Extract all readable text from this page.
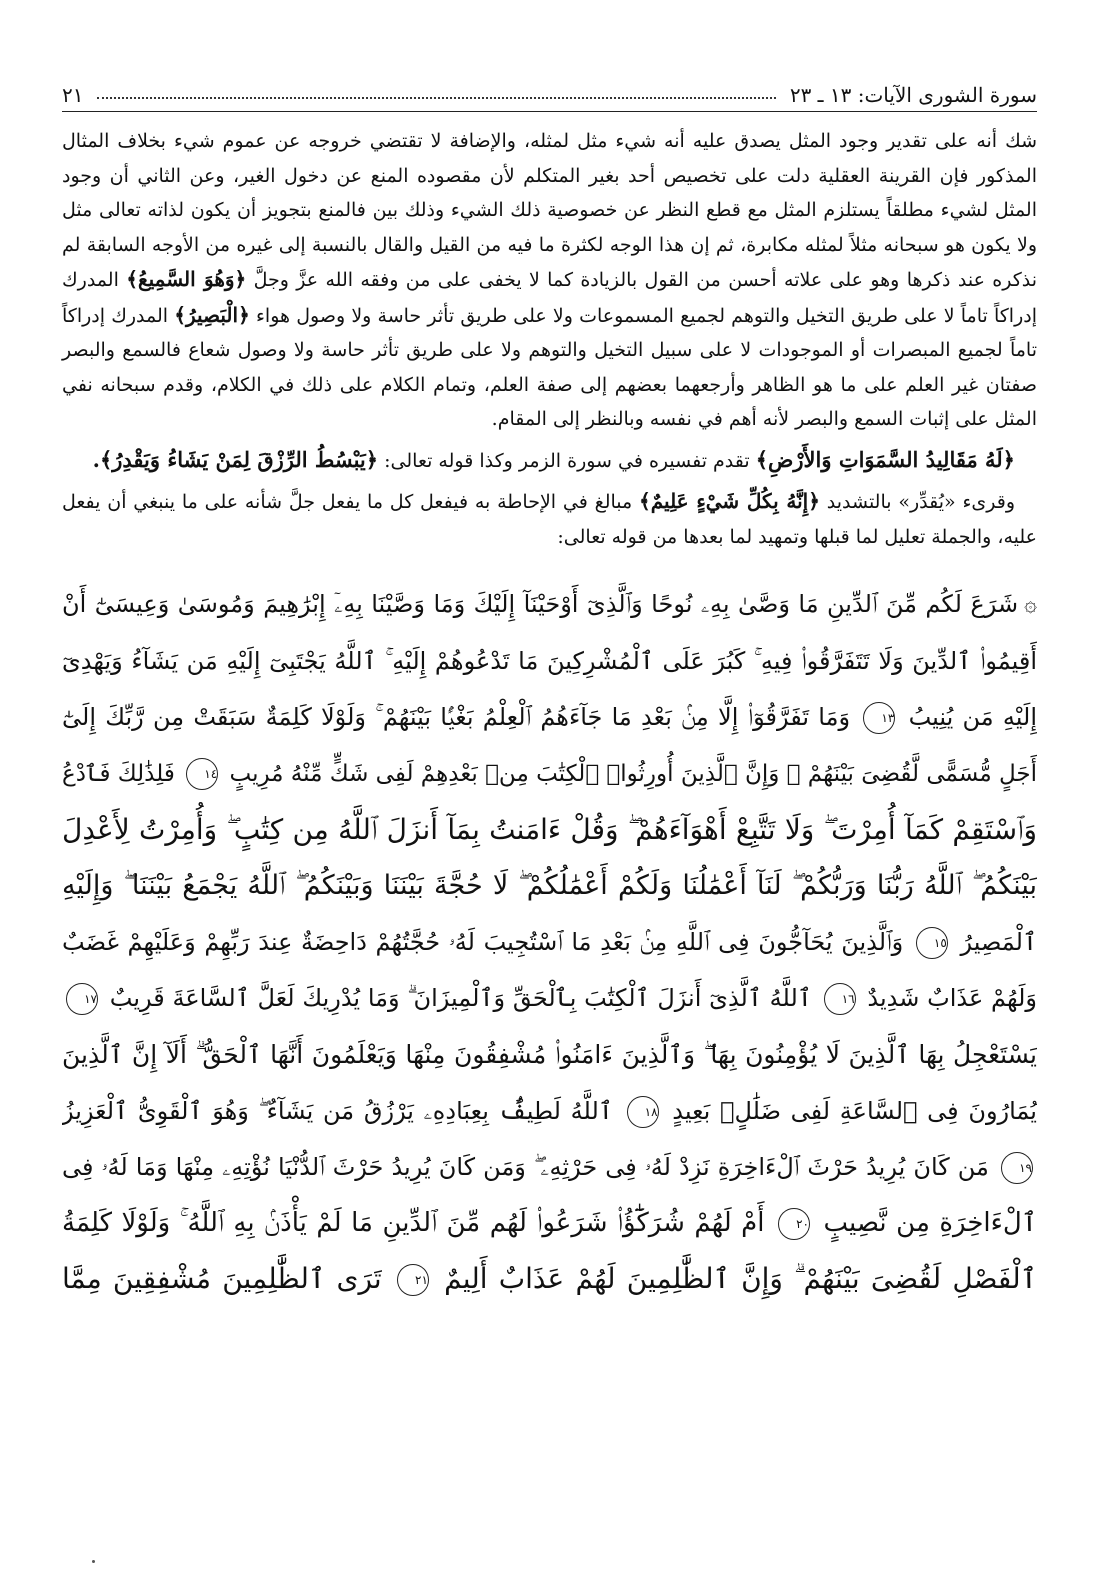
سورة الشورى الآيات: ١٣ ـ ٢٣
٢١

شك أنه على تقدير وجود المثل يصدق عليه أنه شيء مثل لمثله، والإضافة لا تقتضي خروجه عن عموم شيء بخلاف المثال المذكور فإن القرينة العقلية دلت على تخصيص أحد بغير المتكلم لأن مقصوده المنع عن دخول الغير، وعن الثاني أن وجود المثل لشيء مطلقاً يستلزم المثل مع قطع النظر عن خصوصية ذلك الشيء وذلك بين فالمنع بتجويز أن يكون لذاته تعالى مثل ولا يكون هو سبحانه مثلاً لمثله مكابرة، ثم إن هذا الوجه لكثرة ما فيه من القيل والقال بالنسبة إلى غيره من الأوجه السابقة لم نذكره عند ذكرها وهو على علاته أحسن من القول بالزيادة كما لا يخفى على من وفقه الله عزَّ وجلَّ ﴿وَهُوَ السَّمِيعُ﴾ المدرك إدراكاً تاماً لا على طريق التخيل والتوهم لجميع المسموعات ولا على طريق تأثر حاسة ولا وصول هواء ﴿الْبَصِيرُ﴾ المدرك إدراكاً تاماً لجميع المبصرات أو الموجودات لا على سبيل التخيل والتوهم ولا على طريق تأثر حاسة ولا وصول شعاع فالسمع والبصر صفتان غير العلم على ما هو الظاهر وأرجعهما بعضهم إلى صفة العلم، وتمام الكلام على ذلك في الكلام، وقدم سبحانه نفي المثل على إثبات السمع والبصر لأنه أهم في نفسه وبالنظر إلى المقام.

﴿لَهُ مَقَالِيدُ السَّمَوَاتِ وَالأَرْضِ﴾ تقدم تفسيره في سورة الزمر وكذا قوله تعالى: ﴿يَبْسُطُ الرِّزْقَ لِمَنْ يَشَاءُ وَيَقْدِرُ﴾.

وقرىء «يُقدِّر» بالتشديد ﴿إِنَّهُ بِكُلِّ شَيْءٍ عَلِيمٌ﴾ مبالغ في الإحاطة به فيفعل كل ما يفعل جلَّ شأنه على ما ينبغي أن يفعل عليه، والجملة تعليل لما قبلها وتمهيد لما بعدها من قوله تعالى:

۞شَرَعَ لَكُم مِّنَ ٱلدِّينِ مَا وَصَّىٰ بِهِۦ نُوحًا وَٱلَّذِىٓ أَوْحَيْنَآ إِلَيْكَ وَمَا وَصَّيْنَا بِهِۦٓ إِبْرَٰهِيمَ وَمُوسَىٰ وَعِيسَىٰٓ أَنْ
أَقِيمُوا۟ ٱلدِّينَ وَلَا تَتَفَرَّقُوا۟ فِيهِ ۚ كَبُرَ عَلَى ٱلْمُشْرِكِينَ مَا تَدْعُوهُمْ إِلَيْهِ ۚ ٱللَّهُ يَجْتَبِىٓ إِلَيْهِ مَن يَشَآءُ وَيَهْدِىٓ
إِلَيْهِ مَن يُنِيبُ ١٣ وَمَا تَفَرَّقُوٓا۟ إِلَّا مِنۢ بَعْدِ مَا جَآءَهُمُ ٱلْعِلْمُ بَغْيًۢا بَيْنَهُمْ ۚ وَلَوْلَا كَلِمَةٌ سَبَقَتْ مِن رَّبِّكَ إِلَىٰٓ
أَجَلٍ مُّسَمًّى لَّقُضِىَ بَيْنَهُمْ ۚ وَإِنَّ ٱلَّذِينَ أُورِثُوا۟ ٱلْكِتَٰبَ مِنۢ بَعْدِهِمْ لَفِى شَكٍّ مِّنْهُ مُرِيبٍ ١٤ فَلِذَٰلِكَ فَٱدْعُ
وَٱسْتَقِمْ كَمَآ أُمِرْتَ ۖ وَلَا تَتَّبِعْ أَهْوَآءَهُمْ ۖ وَقُلْ ءَامَنتُ بِمَآ أَنزَلَ ٱللَّهُ مِن كِتَٰبٍ ۖ وَأُمِرْتُ لِأَعْدِلَ
بَيْنَكُمُ ۖ ٱللَّهُ رَبُّنَا وَرَبُّكُمْ ۖ لَنَآ أَعْمَٰلُنَا وَلَكُمْ أَعْمَٰلُكُمْ ۖ لَا حُجَّةَ بَيْنَنَا وَبَيْنَكُمُ ۖ ٱللَّهُ يَجْمَعُ بَيْنَنَا ۖ وَإِلَيْهِ
ٱلْمَصِيرُ ١٥ وَٱلَّذِينَ يُحَآجُّونَ فِى ٱللَّهِ مِنۢ بَعْدِ مَا ٱسْتُجِيبَ لَهُۥ حُجَّتُهُمْ دَاحِضَةٌ عِندَ رَبِّهِمْ وَعَلَيْهِمْ غَضَبٌ
وَلَهُمْ عَذَابٌ شَدِيدٌ ١٦ ٱللَّهُ ٱلَّذِىٓ أَنزَلَ ٱلْكِتَٰبَ بِٱلْحَقِّ وَٱلْمِيزَانَ ۗ وَمَا يُدْرِيكَ لَعَلَّ ٱلسَّاعَةَ قَرِيبٌ ١٧
يَسْتَعْجِلُ بِهَا ٱلَّذِينَ لَا يُؤْمِنُونَ بِهَا ۖ وَٱلَّذِينَ ءَامَنُوا۟ مُشْفِقُونَ مِنْهَا وَيَعْلَمُونَ أَنَّهَا ٱلْحَقُّ ۗ أَلَآ إِنَّ ٱلَّذِينَ
يُمَارُونَ فِى ٱلسَّاعَةِ لَفِى ضَلَٰلٍۭ بَعِيدٍ ١٨ ٱللَّهُ لَطِيفٌۢ بِعِبَادِهِۦ يَرْزُقُ مَن يَشَآءُ ۖ وَهُوَ ٱلْقَوِىُّ ٱلْعَزِيزُ
١٩ مَن كَانَ يُرِيدُ حَرْثَ ٱلْءَاخِرَةِ نَزِدْ لَهُۥ فِى حَرْثِهِۦ ۖ وَمَن كَانَ يُرِيدُ حَرْثَ ٱلدُّنْيَا نُؤْتِهِۦ مِنْهَا وَمَا لَهُۥ فِى
ٱلْءَاخِرَةِ مِن نَّصِيبٍ ٢٠ أَمْ لَهُمْ شُرَكَٰٓؤُا۟ شَرَعُوا۟ لَهُم مِّنَ ٱلدِّينِ مَا لَمْ يَأْذَنۢ بِهِ ٱللَّهُ ۚ وَلَوْلَا كَلِمَةُ
ٱلْفَصْلِ لَقُضِىَ بَيْنَهُمْ ۗ وَإِنَّ ٱلظَّٰلِمِينَ لَهُمْ عَذَابٌ أَلِيمٌ ٢١ تَرَى ٱلظَّٰلِمِينَ مُشْفِقِينَ مِمَّا
